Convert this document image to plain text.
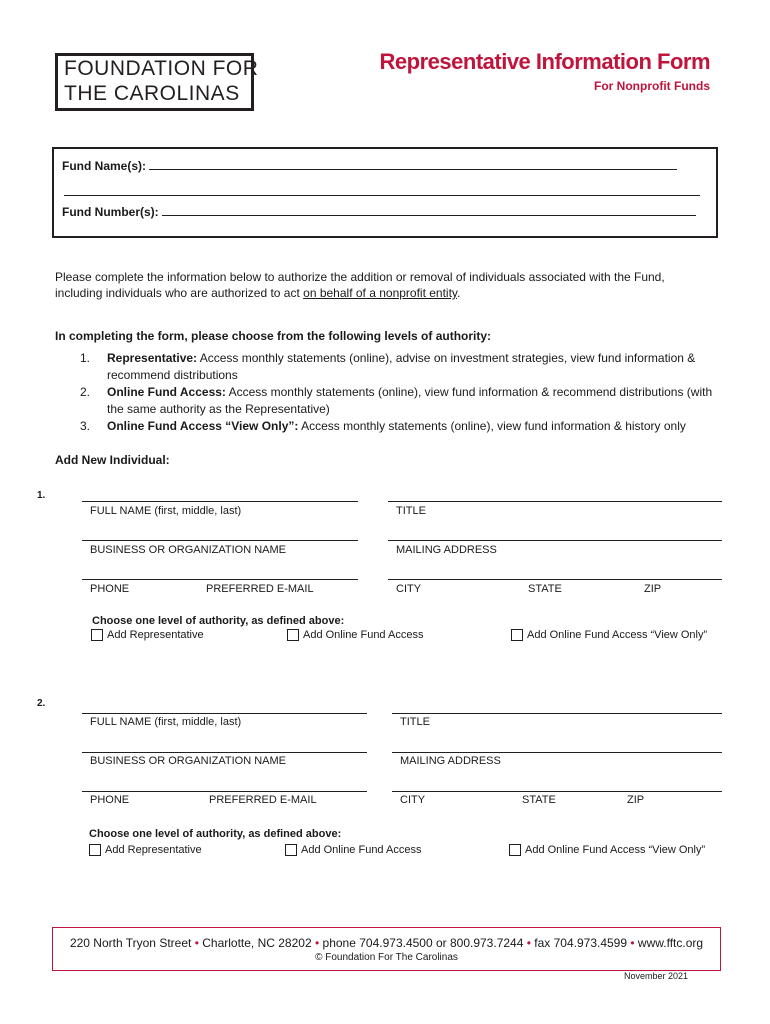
FOUNDATION FOR
THE CAROLINAS
Representative Information Form
For Nonprofit Funds
Fund Name(s):
Fund Number(s):
Please complete the information below to authorize the addition or removal of individuals associated with the Fund, including individuals who are authorized to act on behalf of a nonprofit entity.
In completing the form, please choose from the following levels of authority:
1. Representative: Access monthly statements (online), advise on investment strategies, view fund information & recommend distributions
2. Online Fund Access: Access monthly statements (online), view fund information & recommend distributions (with the same authority as the Representative)
3. Online Fund Access “View Only”: Access monthly statements (online), view fund information & history only
Add New Individual:
1.
FULL NAME (first, middle, last)	TITLE
BUSINESS OR ORGANIZATION NAME	MAILING ADDRESS
PHONE	PREFERRED E-MAIL	CITY	STATE	ZIP
Choose one level of authority, as defined above:
Add Representative	Add Online Fund Access	Add Online Fund Access “View Only”
2.
FULL NAME (first, middle, last)	TITLE
BUSINESS OR ORGANIZATION NAME	MAILING ADDRESS
PHONE	PREFERRED E-MAIL	CITY	STATE	ZIP
Choose one level of authority, as defined above:
Add Representative	Add Online Fund Access	Add Online Fund Access “View Only”
220 North Tryon Street • Charlotte, NC 28202 • phone 704.973.4500 or 800.973.7244 • fax 704.973.4599 • www.fftc.org
© Foundation For The Carolinas
November 2021
